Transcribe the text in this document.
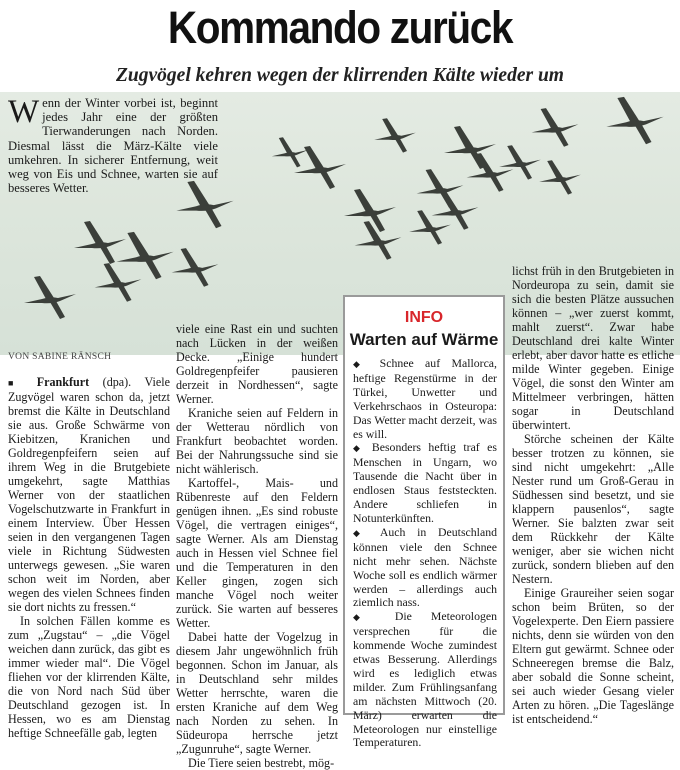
Kommando zurück
Zugvögel kehren wegen der klirrenden Kälte wieder um

Wenn der Winter vorbei ist, beginnt jedes Jahr eine der größten Tierwanderungen nach Norden. Diesmal lässt die März-Kälte viele umkehren. In sicherer Entfernung, weit weg von Eis und Schnee, warten sie auf besseres Wetter.

VON SABINE RÄNSCH

■ Frankfurt (dpa). Viele Zugvögel waren schon da, jetzt bremst die Kälte in Deutschland sie aus. Große Schwärme von Kiebitzen, Kranichen und Goldregenpfeifern seien auf ihrem Weg in die Brutgebiete umgekehrt, sagte Matthias Werner von der staatlichen Vogelschutzwarte in Frankfurt in einem Interview. Über Hessen seien in den vergangenen Tagen viele in Richtung Südwesten unterwegs gewesen. „Sie waren schon weit im Norden, aber wegen des vielen Schnees finden sie dort nichts zu fressen.“

In solchen Fällen komme es zum „Zugstau“ – „die Vögel weichen dann zurück, das gibt es immer wieder mal“. Die Vögel fliehen vor der klirrenden Kälte, die von Nord nach Süd über Deutschland gezogen ist. In Hessen, wo es am Dienstag heftige Schneefälle gab, legten

viele eine Rast ein und suchten nach Lücken in der weißen Decke. „Einige hundert Goldregenpfeifer pausieren derzeit in Nordhessen“, sagte Werner.

Kraniche seien auf Feldern in der Wetterau nördlich von Frankfurt beobachtet worden. Bei der Nahrungssuche sind sie nicht wählerisch.

Kartoffel-, Mais- und Rübenreste auf den Feldern genügen ihnen. „Es sind robuste Vögel, die vertragen einiges“, sagte Werner. Als am Dienstag auch in Hessen viel Schnee fiel und die Temperaturen in den Keller gingen, zogen sich manche Vögel noch weiter zurück. Sie warten auf besseres Wetter.

Dabei hatte der Vogelzug in diesem Jahr ungewöhnlich früh begonnen. Schon im Januar, als in Deutschland sehr mildes Wetter herrschte, waren die ersten Kraniche auf dem Weg nach Norden zu sehen. In Südeuropa herrsche jetzt „Zugunruhe“, sagte Werner.

Die Tiere seien bestrebt, mög-

INFO
Warten auf Wärme

◆ Schnee auf Mallorca, heftige Regenstürme in der Türkei, Unwetter und Verkehrschaos in Osteuropa: Das Wetter macht derzeit, was es will.

◆ Besonders heftig traf es Menschen in Ungarn, wo Tausende die Nacht über in endlosen Staus feststeckten. Andere schliefen in Notunterkünften.

◆ Auch in Deutschland können viele den Schnee nicht mehr sehen. Nächste Woche soll es endlich wärmer werden – allerdings auch ziemlich nass.

◆ Die Meteorologen versprechen für die kommende Woche zumindest etwas Besserung. Allerdings wird es lediglich etwas milder. Zum Frühlingsanfang am nächsten Mittwoch (20. März) erwarten die Meteorologen nur einstellige Temperaturen.

lichst früh in den Brutgebieten in Nordeuropa zu sein, damit sie sich die besten Plätze aussuchen können – „wer zuerst kommt, mahlt zuerst“. Zwar habe Deutschland drei kalte Winter erlebt, aber davor hatte es etliche milde Winter gegeben. Einige Vögel, die sonst den Winter am Mittelmeer verbringen, hätten sogar in Deutschland überwintert.

Störche scheinen der Kälte besser trotzen zu können, sie sind nicht umgekehrt: „Alle Nester rund um Groß-Gerau in Südhessen sind besetzt, und sie klappern pausenlos“, sagte Werner. Sie balzten zwar seit dem Rückkehr der Kälte weniger, aber sie wichen nicht zurück, sondern blieben auf den Nestern.

Einige Graureiher seien sogar schon beim Brüten, so der Vogelexperte. Den Eiern passiere nichts, denn sie würden von den Eltern gut gewärmt. Schnee oder Schneeregen bremse die Balz, aber sobald die Sonne scheint, sei auch wieder Gesang vieler Arten zu hören. „Die Tageslänge ist entscheidend.“
